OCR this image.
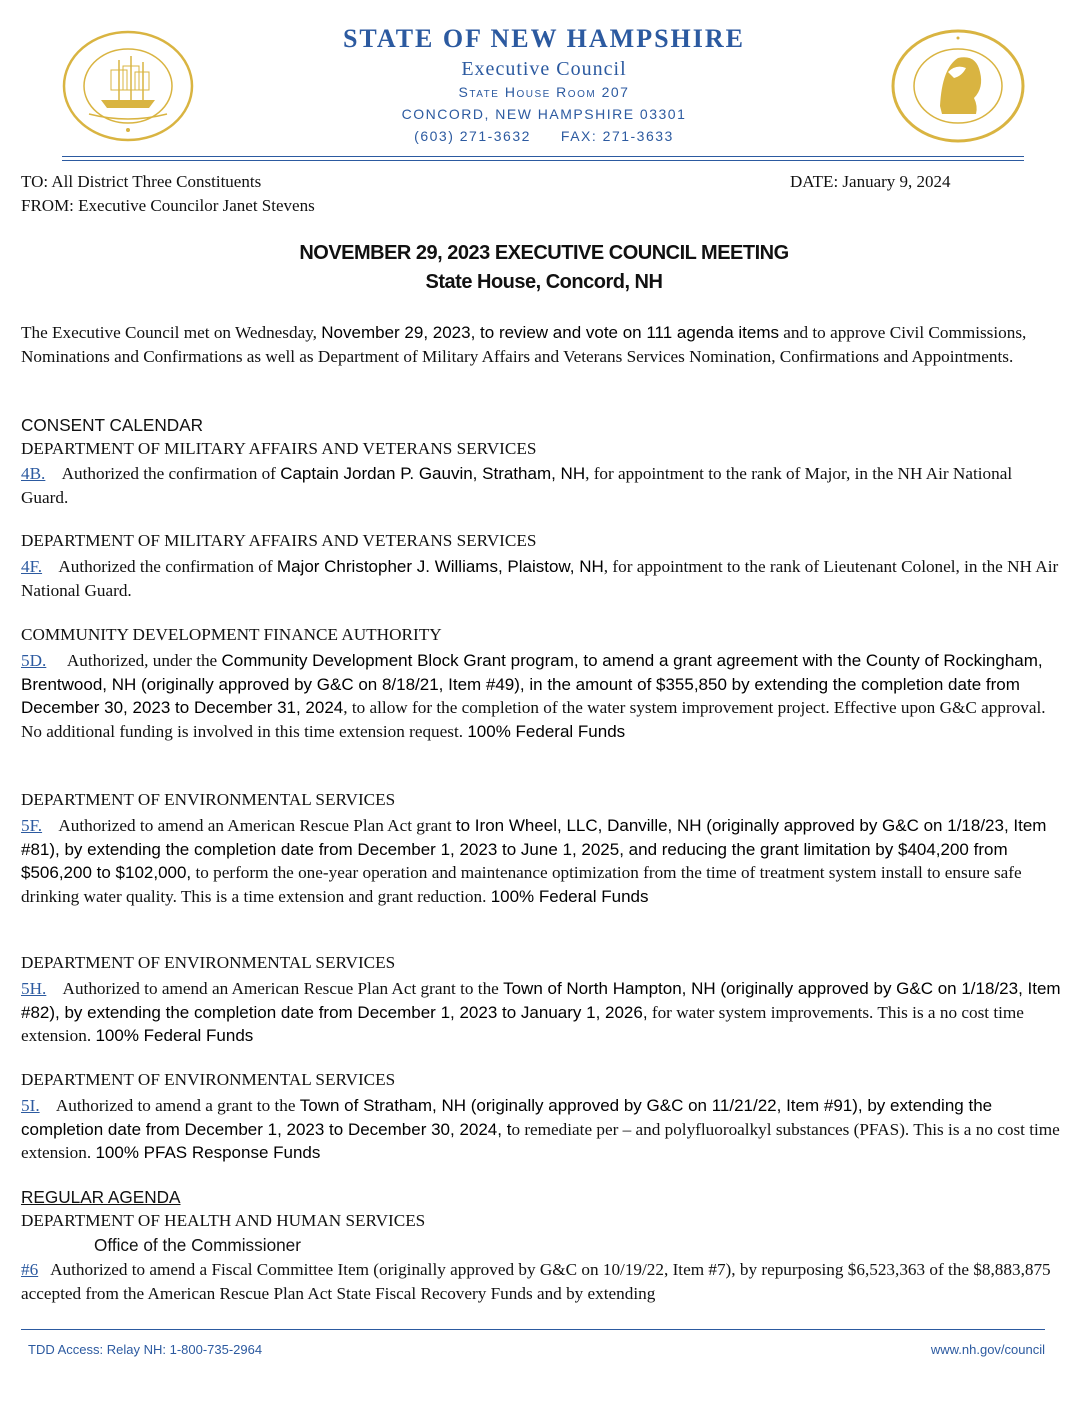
STATE OF NEW HAMPSHIRE
Executive Council
State House Room 207
CONCORD, NEW HAMPSHIRE 03301
(603) 271-3632 FAX: 271-3633
TO: All District Three Constituents	DATE: January 9, 2024
FROM: Executive Councilor Janet Stevens
NOVEMBER 29, 2023 EXECUTIVE COUNCIL MEETING
State House, Concord, NH
The Executive Council met on Wednesday, November 29, 2023, to review and vote on 111 agenda items and to approve Civil Commissions, Nominations and Confirmations as well as Department of Military Affairs and Veterans Services Nomination, Confirmations and Appointments.
CONSENT CALENDAR
DEPARTMENT OF MILITARY AFFAIRS AND VETERANS SERVICES
4B.    Authorized the confirmation of Captain Jordan P. Gauvin, Stratham, NH, for appointment to the rank of Major, in the NH Air National Guard.
DEPARTMENT OF MILITARY AFFAIRS AND VETERANS SERVICES
4F.    Authorized the confirmation of Major Christopher J. Williams, Plaistow, NH, for appointment to the rank of Lieutenant Colonel, in the NH Air National Guard.
COMMUNITY DEVELOPMENT FINANCE AUTHORITY
5D.     Authorized, under the Community Development Block Grant program, to amend a grant agreement with the County of Rockingham, Brentwood, NH (originally approved by G&C on 8/18/21, Item #49), in the amount of $355,850 by extending the completion date from December 30, 2023 to December 31, 2024, to allow for the completion of the water system improvement project. Effective upon G&C approval. No additional funding is involved in this time extension request. 100% Federal Funds
DEPARTMENT OF ENVIRONMENTAL SERVICES
5F.    Authorized to amend an American Rescue Plan Act grant to Iron Wheel, LLC, Danville, NH (originally approved by G&C on 1/18/23, Item #81), by extending the completion date from December 1, 2023 to June 1, 2025, and reducing the grant limitation by $404,200 from $506,200 to $102,000, to perform the one-year operation and maintenance optimization from the time of treatment system install to ensure safe drinking water quality. This is a time extension and grant reduction. 100% Federal Funds
DEPARTMENT OF ENVIRONMENTAL SERVICES
5H.    Authorized to amend an American Rescue Plan Act grant to the Town of North Hampton, NH (originally approved by G&C on 1/18/23, Item #82), by extending the completion date from December 1, 2023 to January 1, 2026, for water system improvements. This is a no cost time extension. 100% Federal Funds
DEPARTMENT OF ENVIRONMENTAL SERVICES
5I.    Authorized to amend a grant to the Town of Stratham, NH (originally approved by G&C on 11/21/22, Item #91), by extending the completion date from December 1, 2023 to December 30, 2024, to remediate per – and polyfluoroalkyl substances (PFAS). This is a no cost time extension. 100% PFAS Response Funds
REGULAR AGENDA
DEPARTMENT OF HEALTH AND HUMAN SERVICES
Office of the Commissioner
#6   Authorized to amend a Fiscal Committee Item (originally approved by G&C on 10/19/22, Item #7), by repurposing $6,523,363 of the $8,883,875 accepted from the American Rescue Plan Act State Fiscal Recovery Funds and by extending
TDD Access: Relay NH: 1-800-735-2964	www.nh.gov/council
